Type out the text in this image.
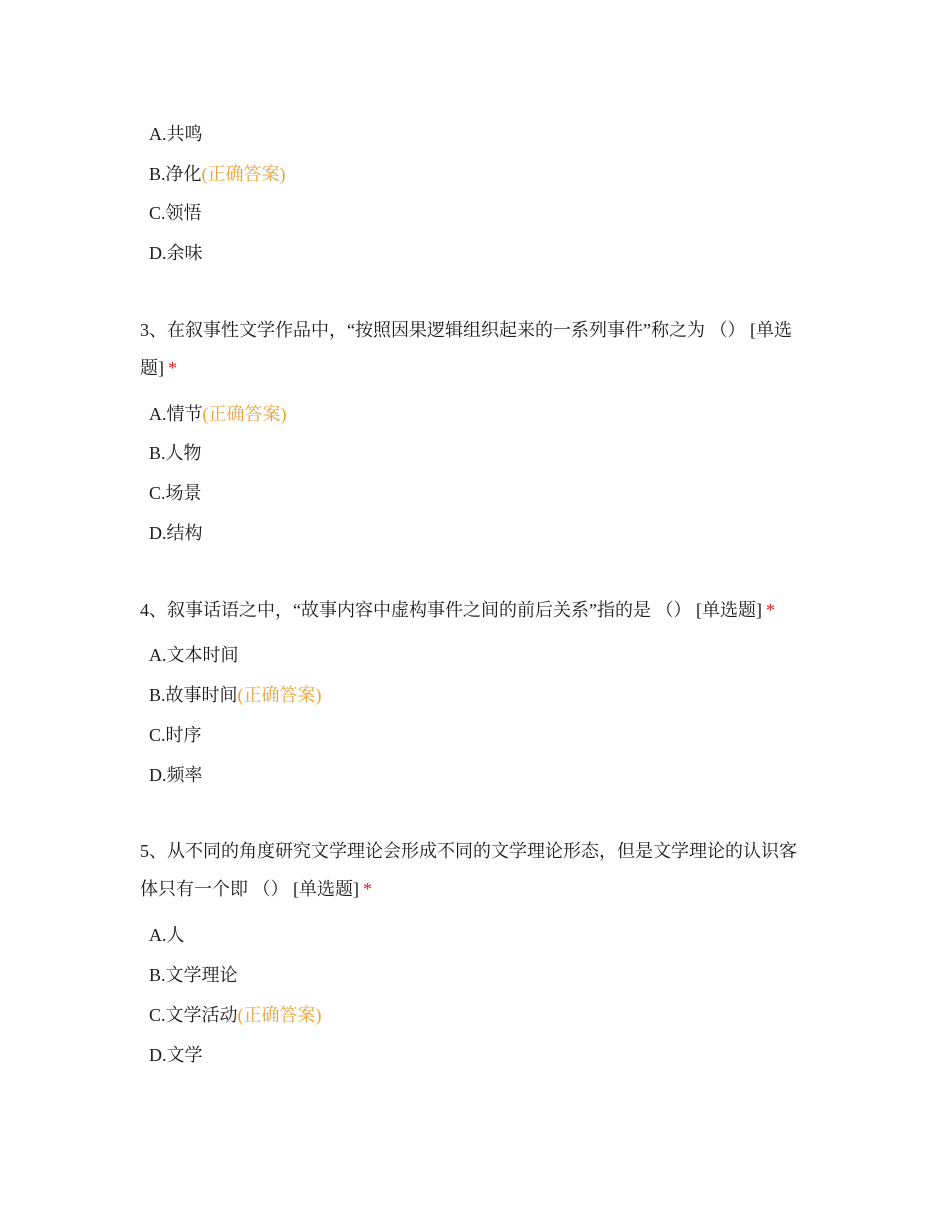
A.共鸣
B.净化(正确答案)
C.领悟
D.余味
3、在叙事性文学作品中，“按照因果逻辑组织起来的一系列事件”称之为 （） [单选题] *
A.情节(正确答案)
B.人物
C.场景
D.结构
4、叙事话语之中，“故事内容中虚构事件之间的前后关系”指的是 （） [单选题] *
A.文本时间
B.故事时间(正确答案)
C.时序
D.频率
5、从不同的角度研究文学理论会形成不同的文学理论形态，但是文学理论的认识客体只有一个即 （） [单选题] *
A.人
B.文学理论
C.文学活动(正确答案)
D.文学
